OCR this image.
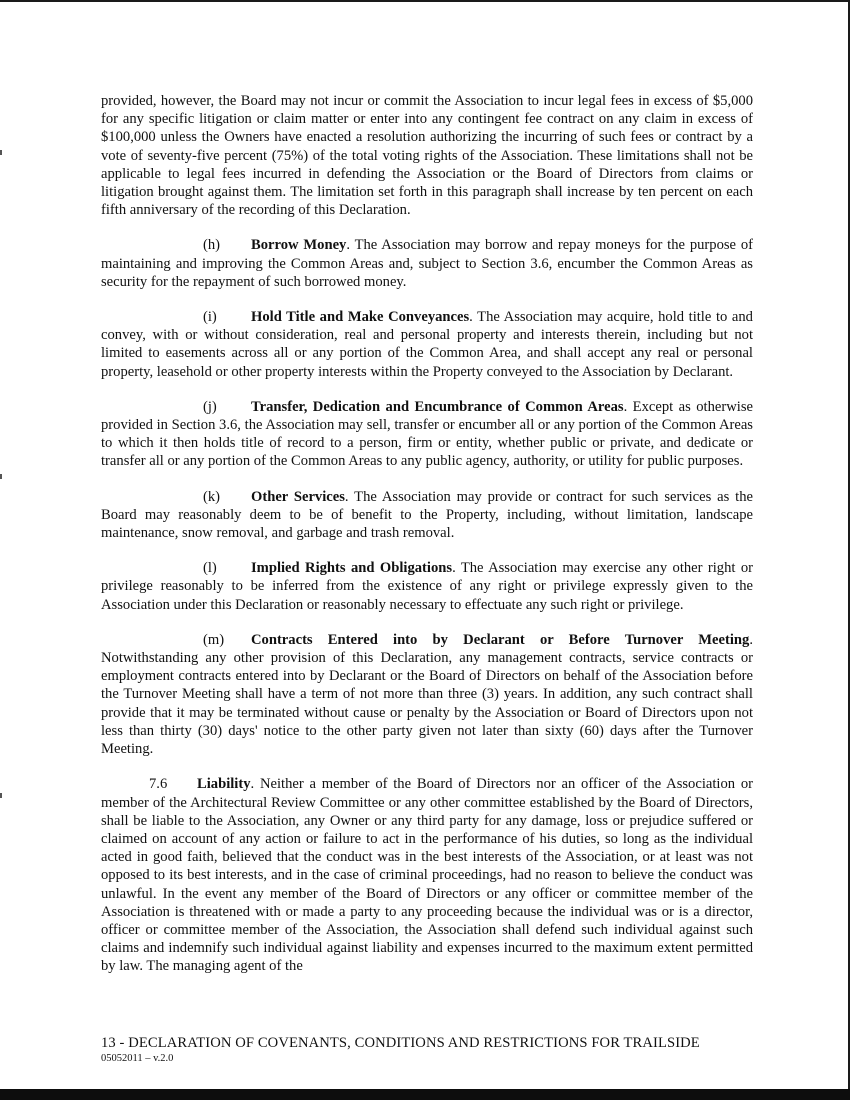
provided, however, the Board may not incur or commit the Association to incur legal fees in excess of $5,000 for any specific litigation or claim matter or enter into any contingent fee contract on any claim in excess of $100,000 unless the Owners have enacted a resolution authorizing the incurring of such fees or contract by a vote of seventy-five percent (75%) of the total voting rights of the Association. These limitations shall not be applicable to legal fees incurred in defending the Association or the Board of Directors from claims or litigation brought against them. The limitation set forth in this paragraph shall increase by ten percent on each fifth anniversary of the recording of this Declaration.

(h) Borrow Money. The Association may borrow and repay moneys for the purpose of maintaining and improving the Common Areas and, subject to Section 3.6, encumber the Common Areas as security for the repayment of such borrowed money.

(i) Hold Title and Make Conveyances. The Association may acquire, hold title to and convey, with or without consideration, real and personal property and interests therein, including but not limited to easements across all or any portion of the Common Area, and shall accept any real or personal property, leasehold or other property interests within the Property conveyed to the Association by Declarant.

(j) Transfer, Dedication and Encumbrance of Common Areas. Except as otherwise provided in Section 3.6, the Association may sell, transfer or encumber all or any portion of the Common Areas to which it then holds title of record to a person, firm or entity, whether public or private, and dedicate or transfer all or any portion of the Common Areas to any public agency, authority, or utility for public purposes.

(k) Other Services. The Association may provide or contract for such services as the Board may reasonably deem to be of benefit to the Property, including, without limitation, landscape maintenance, snow removal, and garbage and trash removal.

(l) Implied Rights and Obligations. The Association may exercise any other right or privilege reasonably to be inferred from the existence of any right or privilege expressly given to the Association under this Declaration or reasonably necessary to effectuate any such right or privilege.

(m) Contracts Entered into by Declarant or Before Turnover Meeting. Notwithstanding any other provision of this Declaration, any management contracts, service contracts or employment contracts entered into by Declarant or the Board of Directors on behalf of the Association before the Turnover Meeting shall have a term of not more than three (3) years. In addition, any such contract shall provide that it may be terminated without cause or penalty by the Association or Board of Directors upon not less than thirty (30) days' notice to the other party given not later than sixty (60) days after the Turnover Meeting.

7.6 Liability. Neither a member of the Board of Directors nor an officer of the Association or member of the Architectural Review Committee or any other committee established by the Board of Directors, shall be liable to the Association, any Owner or any third party for any damage, loss or prejudice suffered or claimed on account of any action or failure to act in the performance of his duties, so long as the individual acted in good faith, believed that the conduct was in the best interests of the Association, or at least was not opposed to its best interests, and in the case of criminal proceedings, had no reason to believe the conduct was unlawful. In the event any member of the Board of Directors or any officer or committee member of the Association is threatened with or made a party to any proceeding because the individual was or is a director, officer or committee member of the Association, the Association shall defend such individual against such claims and indemnify such individual against liability and expenses incurred to the maximum extent permitted by law. The managing agent of the

13 - DECLARATION OF COVENANTS, CONDITIONS AND RESTRICTIONS FOR TRAILSIDE
05052011 – v.2.0
